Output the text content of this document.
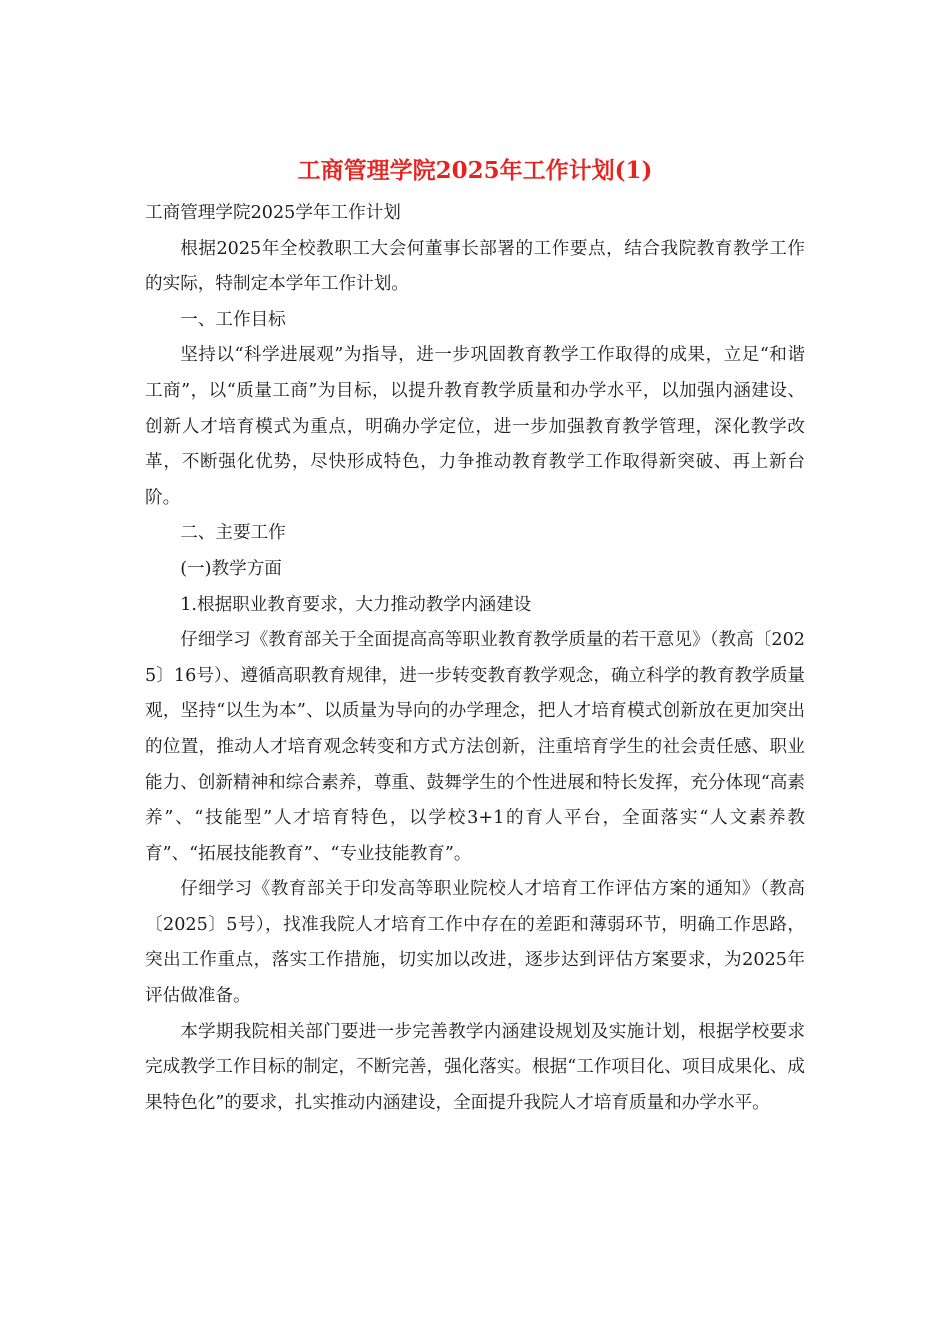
工商管理学院2025年工作计划(1)

工商管理学院2025学年工作计划

根据2025年全校教职工大会何董事长部署的工作要点，结合我院教育教学工作的实际，特制定本学年工作计划。

一、工作目标

坚持以“科学进展观”为指导，进一步巩固教育教学工作取得的成果，立足“和谐工商”，以“质量工商”为目标，以提升教育教学质量和办学水平，以加强内涵建设、创新人才培育模式为重点，明确办学定位，进一步加强教育教学管理，深化教学改革，不断强化优势，尽快形成特色，力争推动教育教学工作取得新突破、再上新台阶。

二、主要工作

(一)教学方面

1.根据职业教育要求，大力推动教学内涵建设

仔细学习《教育部关于全面提高高等职业教育教学质量的若干意见》（教高〔2025〕16号）、遵循高职教育规律，进一步转变教育教学观念，确立科学的教育教学质量观，坚持“以生为本”、以质量为导向的办学理念，把人才培育模式创新放在更加突出的位置，推动人才培育观念转变和方式方法创新，注重培育学生的社会责任感、职业能力、创新精神和综合素养，尊重、鼓舞学生的个性进展和特长发挥，充分体现“高素养”、“技能型”人才培育特色，以学校3+1的育人平台，全面落实“人文素养教育”、“拓展技能教育”、“专业技能教育”。

仔细学习《教育部关于印发高等职业院校人才培育工作评估方案的通知》（教高〔2025〕5号），找准我院人才培育工作中存在的差距和薄弱环节，明确工作思路，突出工作重点，落实工作措施，切实加以改进，逐步达到评估方案要求，为2025年评估做准备。

本学期我院相关部门要进一步完善教学内涵建设规划及实施计划，根据学校要求完成教学工作目标的制定，不断完善，强化落实。根据“工作项目化、项目成果化、成果特色化”的要求，扎实推动内涵建设，全面提升我院人才培育质量和办学水平。
